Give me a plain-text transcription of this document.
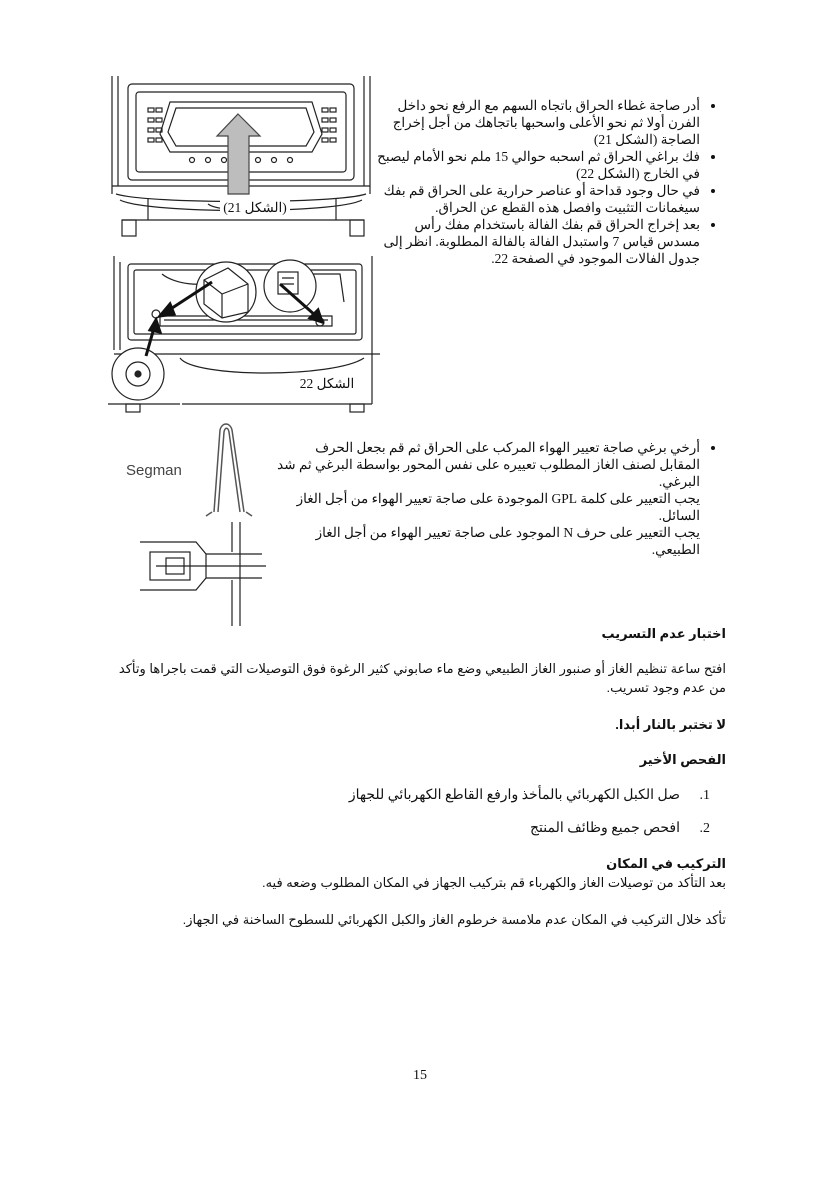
(الشكل 21)
الشكل 22
• أدر صاجة غطاء الحراق باتجاه السهم مع الرفع نحو داخل الفرن أولا ثم نحو الأعلى واسحبها باتجاهك من أجل إخراج الصاجة (الشكل 21)
• فك براغي الحراق ثم اسحبه حوالي 15 ملم نحو الأمام ليصبح في الخارج (الشكل 22)
• في حال وجود قداحة أو عناصر حرارية على الحراق قم بفك سيغمانات التثبيت وافصل هذه القطع عن الحراق.
• بعد إخراج الحراق قم بفك الفالة باستخدام مفك رأس مسدس قياس 7 واستبدل الفالة بالفالة المطلوبة. انظر إلى جدول الفالات الموجود في الصفحة 22.
Segman
• أرخي برغي صاجة تعيير الهواء المركب على الحراق ثم قم بجعل الحرف المقابل لصنف الغاز المطلوب تعييره على نفس المحور بواسطة البرغي ثم شد البرغي.

يجب التعيير على كلمة GPL الموجودة على صاجة تعيير الهواء من أجل الغاز السائل.

يجب التعيير على حرف N الموجود على صاجة تعيير الهواء من أجل الغاز الطبيعي.

اختبار عدم التسريب
افتح ساعة تنظيم الغاز أو صنبور الغاز الطبيعي وضع ماء صابوني كثير الرغوة فوق التوصيلات التي قمت باجراها وتأكد من عدم وجود تسريب.
لا تختبر بالنار أبدا.
الفحص الأخير
1.صل الكبل الكهربائي بالمأخذ وارفع القاطع الكهربائي للجهاز
2.افحص جميع وظائف المنتج
التركيب في المكان
بعد التأكد من توصيلات الغاز والكهرباء قم بتركيب الجهاز في المكان المطلوب وضعه فيه.
تأكد خلال التركيب في المكان عدم ملامسة خرطوم الغاز والكبل الكهربائي للسطوح الساخنة في الجهاز.
15
